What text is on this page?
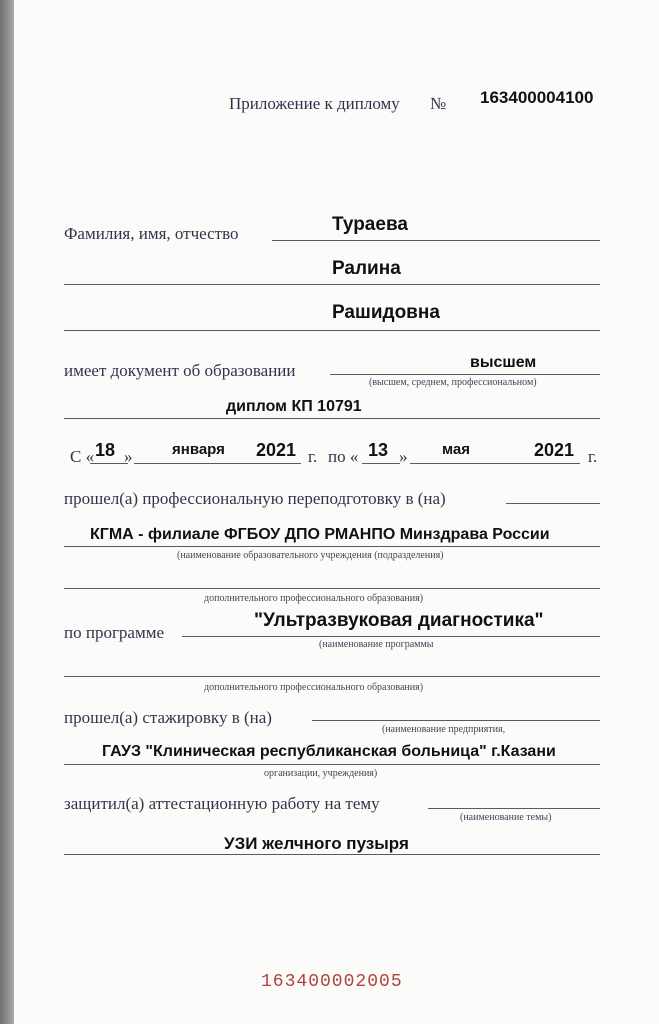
Приложение к диплому № 163400004100
Фамилия, имя, отчество	Тураева
Ралина
Рашидовна
имеет документ об образовании	высшем
(высшем, среднем, профессиональном)
диплом КП 10791
С « 18 »	января 2021 г. по « 13 » мая	2021 г.
прошел(а) профессиональную переподготовку в (на)
КГМА - филиале ФГБОУ ДПО РМАНПО Минздрава России
(наименование образовательного учреждения (подразделения)
дополнительного профессионального образования)
по программе
"Ультразвуковая диагностика"
(наименование программы
дополнительного профессионального образования)
прошел(а) стажировку в (на)
(наименование предприятия,
ГАУЗ "Клиническая республиканская больница" г.Казани
организации, учреждения)
защитил(а) аттестационную работу на тему
(наименование темы)
УЗИ желчного пузыря
163400002005
